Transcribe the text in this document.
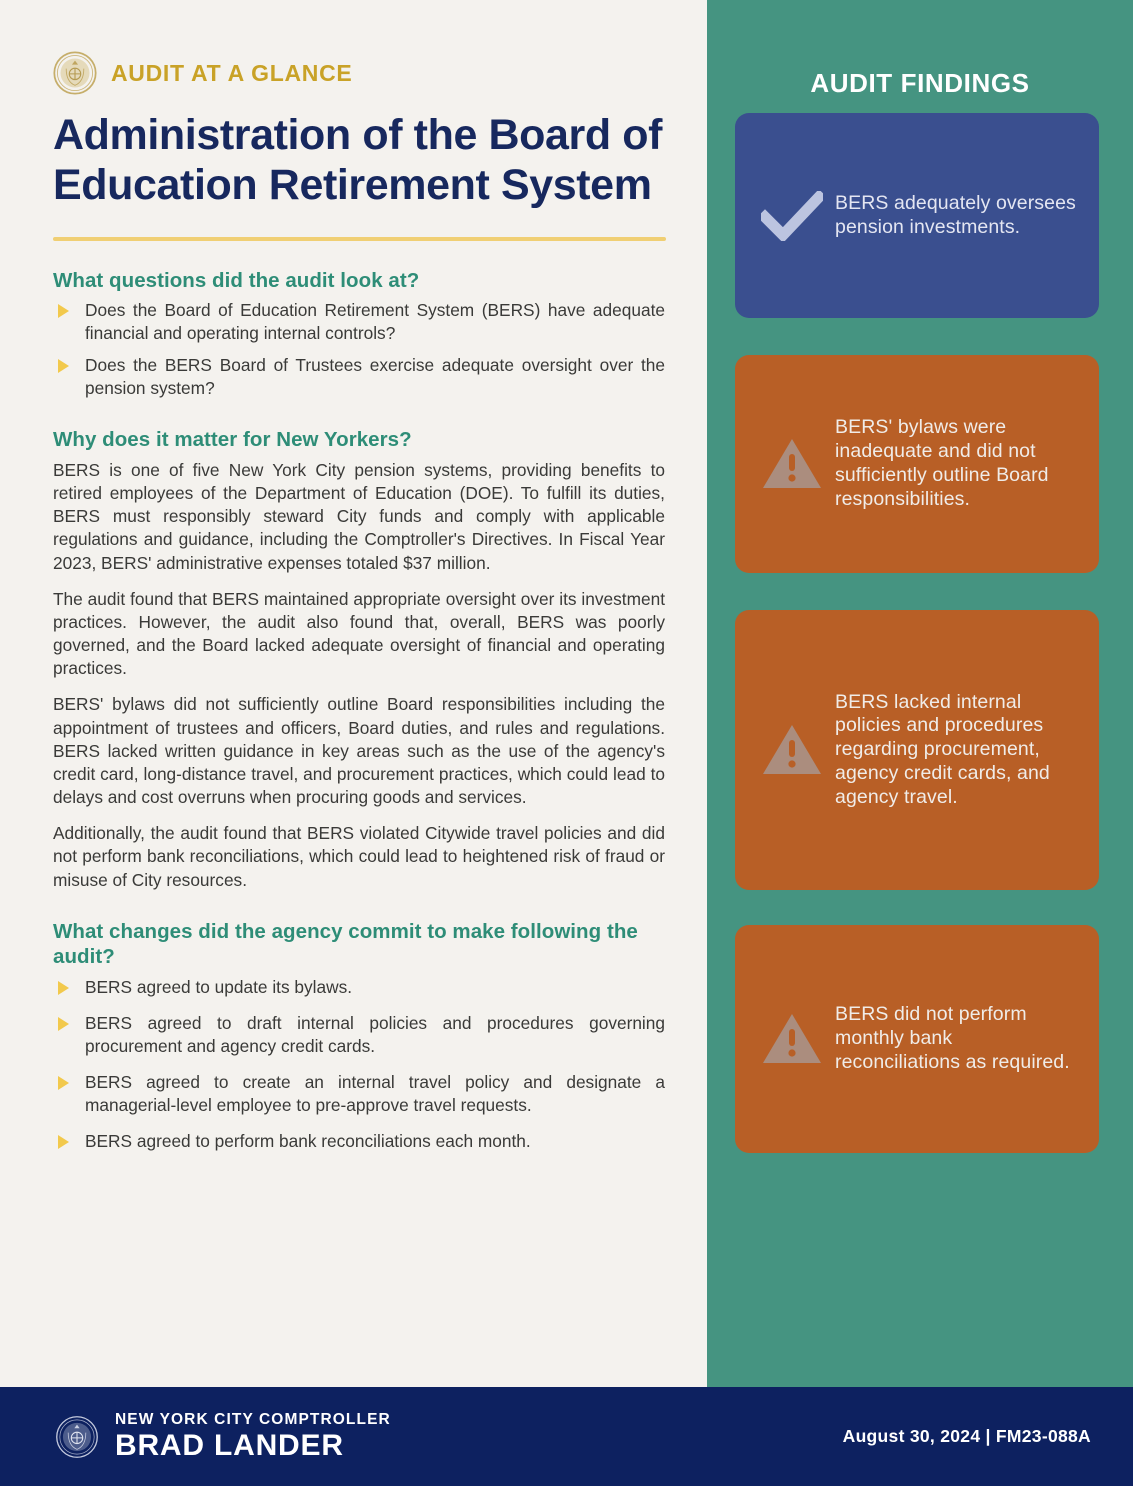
AUDIT AT A GLANCE
Administration of the Board of Education Retirement System
What questions did the audit look at?
Does the Board of Education Retirement System (BERS) have adequate financial and operating internal controls?
Does the BERS Board of Trustees exercise adequate oversight over the pension system?
Why does it matter for New Yorkers?

BERS is one of five New York City pension systems, providing benefits to retired employees of the Department of Education (DOE). To fulfill its duties, BERS must responsibly steward City funds and comply with applicable regulations and guidance, including the Comptroller's Directives. In Fiscal Year 2023, BERS' administrative expenses totaled $37 million.

The audit found that BERS maintained appropriate oversight over its investment practices. However, the audit also found that, overall, BERS was poorly governed, and the Board lacked adequate oversight of financial and operating practices.

BERS' bylaws did not sufficiently outline Board responsibilities including the appointment of trustees and officers, Board duties, and rules and regulations. BERS lacked written guidance in key areas such as the use of the agency's credit card, long-distance travel, and procurement practices, which could lead to delays and cost overruns when procuring goods and services.

Additionally, the audit found that BERS violated Citywide travel policies and did not perform bank reconciliations, which could lead to heightened risk of fraud or misuse of City resources.

What changes did the agency commit to make following the audit?
BERS agreed to update its bylaws.
BERS agreed to draft internal policies and procedures governing procurement and agency credit cards.
BERS agreed to create an internal travel policy and designate a managerial-level employee to pre-approve travel requests.
BERS agreed to perform bank reconciliations each month.
AUDIT FINDINGS
BERS adequately oversees pension investments.
BERS' bylaws were inadequate and did not sufficiently outline Board responsibilities.
BERS lacked internal policies and procedures regarding procurement, agency credit cards, and agency travel.
BERS did not perform monthly bank reconciliations as required.
NEW YORK CITY COMPTROLLER
BRAD LANDER	August 30, 2024 | FM23-088A
